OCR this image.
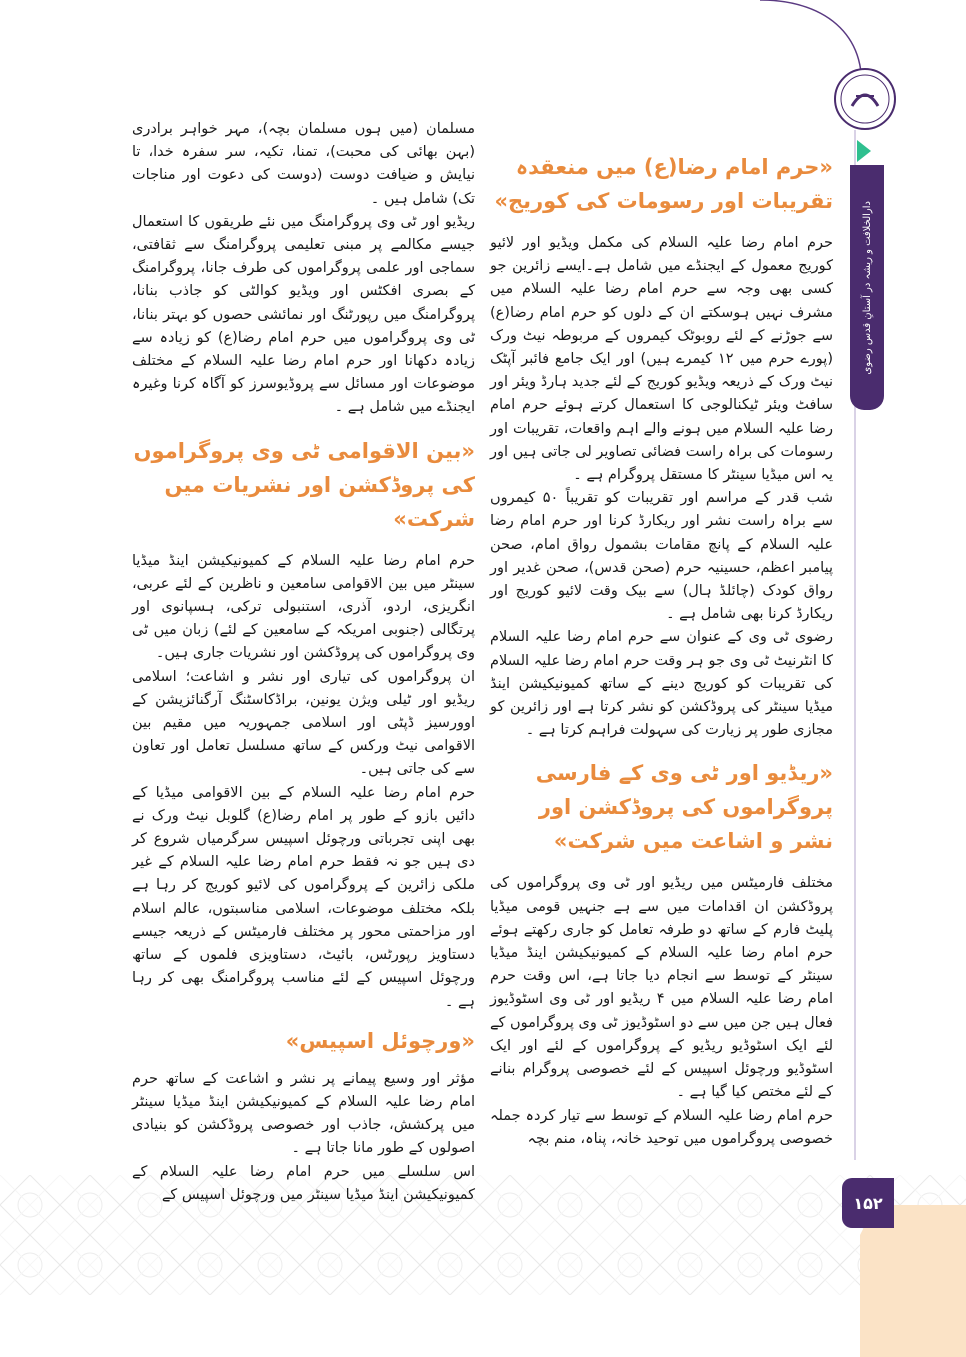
دارالخلافت و ریشہ در آستانِ قدس رضوی
۱۵۲
«حرم امام رضا(ع) میں منعقدہ تقریبات اور رسومات کی کوریج»

حرم امام رضا علیہ السلام کی مکمل ویڈیو اور لائیو کوریج معمول کے ایجنڈے میں شامل ہے۔ایسے زائرین جو کسی بھی وجہ سے حرم امام رضا علیہ السلام میں مشرف نہیں ہوسکتے ان کے دلوں کو حرم امام رضا(ع) سے جوڑنے کے لئے روبوٹک کیمروں کے مربوطہ نیٹ ورک (پورے حرم میں ۱۲ کیمرے ہیں) اور ایک جامع فائبر آپٹک نیٹ ورک کے ذریعہ ویڈیو کوریج کے لئے جدید ہارڈ ویئر اور سافٹ ویئر ٹیکنالوجی کا استعمال کرتے ہوئے حرم امام رضا علیہ السلام میں ہونے والے اہم واقعات، تقریبات اور رسومات کی براہ راست فضائی تصاویر لی جاتی ہیں اور یہ اس میڈیا سینٹر کا مستقل پروگرام ہے ۔

شب قدر کے مراسم اور تقریبات کو تقریباً ۵۰ کیمروں سے براہ راست نشر اور ریکارڈ کرنا اور حرم امام رضا علیہ السلام کے پانچ مقامات بشمول رواق امام، صحن پیامبر اعظم، حسینیہ حرم (صحن قدس)، صحن غدیر اور رواق کودک (چائلڈ ہال) سے بیک وقت لائیو کوریج اور ریکارڈ کرنا بھی شامل ہے ۔

رضوی ٹی وی کے عنوان سے حرم امام رضا علیہ السلام کا انٹرنیٹ ٹی وی جو ہر وقت حرم امام رضا علیہ السلام کی تقریبات کو کوریج دینے کے ساتھ کمیونیکیشن اینڈ میڈیا سینٹر کی پروڈکشن کو نشر کرتا ہے اور زائرین کو مجازی طور پر زیارت کی سہولت فراہم کرتا ہے ۔

«ریڈیو اور ٹی وی کے فارسی پروگراموں کی پروڈکشن اور نشر و اشاعت میں شرکت»

مختلف فارمیٹس میں ریڈیو اور ٹی وی پروگراموں کی پروڈکشن ان اقدامات میں سے ہے جنہیں قومی میڈیا پلیٹ فارم کے ساتھ دو طرفہ تعامل کو جاری رکھتے ہوئے حرم امام رضا علیہ السلام کے کمیونیکیشن اینڈ میڈیا سینٹر کے توسط سے انجام دیا جاتا ہے، اس وقت حرم امام رضا علیہ السلام میں ۴ ریڈیو اور ٹی وی اسٹوڈیوز فعال ہیں جن میں سے دو اسٹوڈیوز ٹی وی پروگراموں کے لئے ایک اسٹوڈیو ریڈیو کے پروگراموں کے لئے اور ایک اسٹوڈیو ورچوئل اسپیس کے لئے خصوصی پروگرام بنانے کے لئے مختص کیا گیا ہے ۔

حرم امام رضا علیہ السلام کے توسط سے تیار کردہ جملہ خصوصی پروگراموں میں توحید خانہ، پناہ، منم بچہ

مسلمان (میں ہوں مسلمان بچہ)، مہر خواہر برادری (بہن بھائی کی محبت)، تمنا، تکیہ، سر سفرہ خدا، تا نیایش و ضیافت دوست (دوست کی دعوت اور مناجات تک) شامل ہیں ۔

ریڈیو اور ٹی وی پروگرامنگ میں نئے طریقوں کا استعمال جیسے مکالمے پر مبنی تعلیمی پروگرامنگ سے ثقافتی، سماجی اور علمی پروگراموں کی طرف جانا، پروگرامنگ کے بصری افکٹس اور ویڈیو کوالٹی کو جاذب بنانا، پروگرامنگ میں رپورٹنگ اور نمائشی حصوں کو بہتر بنانا، ٹی وی پروگراموں میں حرم امام رضا(ع) کو زیادہ سے زیادہ دکھانا اور حرم امام رضا علیہ السلام کے مختلف موضوعات اور مسائل سے پروڈیوسرز کو آگاہ کرنا وغیرہ ایجنڈے میں شامل ہے ۔

«بین الاقوامی ٹی وی پروگراموں کی پروڈکشن اور نشریات میں شرکت»

حرم امام رضا علیہ السلام کے کمیونیکیشن اینڈ میڈیا سینٹر میں بین الاقوامی سامعین و ناظرین کے لئے عربی، انگریزی، اردو، آذری، استنبولی ترکی، ہسپانوی اور پرتگالی (جنوبی امریکہ کے سامعین کے لئے) زبان میں ٹی وی پروگراموں کی پروڈکشن اور نشریات جاری ہیں۔

ان پروگراموں کی تیاری اور نشر و اشاعت؛ اسلامی ریڈیو اور ٹیلی ویژن یونین، براڈکاسٹنگ آرگنائزیشن کے اوورسیز ڈپٹی اور اسلامی جمہوریہ میں مقیم بین الاقوامی نیٹ ورکس کے ساتھ مسلسل تعامل اور تعاون سے کی جاتی ہیں۔

حرم امام رضا علیہ السلام کے بین الاقوامی میڈیا کے دائیں بازو کے طور پر امام رضا(ع) گلوبل نیٹ ورک نے بھی اپنی تجرباتی ورچوئل اسپیس سرگرمیاں شروع کر دی ہیں جو نہ فقط حرم امام رضا علیہ السلام کے غیر ملکی زائرین کے پروگراموں کی لائیو کوریج کر رہا ہے بلکہ مختلف موضوعات، اسلامی مناسبتوں، عالم اسلام اور مزاحمتی محور پر مختلف فارمیٹس کے ذریعہ جیسے دستاویز رپورٹس، بائیٹ، دستاویزی فلموں کے ساتھ ورچوئل اسپیس کے لئے مناسب پروگرامنگ بھی کر رہا ہے ۔

«ورچوئل اسپیس»

مؤثر اور وسیع پیمانے پر نشر و اشاعت کے ساتھ حرم امام رضا علیہ السلام کے کمیونیکیشن اینڈ میڈیا سینٹر میں پرکشش، جاذب اور خصوصی پروڈکشن کو بنیادی اصولوں کے طور مانا جاتا ہے ۔

اس سلسلے میں حرم امام رضا علیہ السلام کے کمیونیکیشن اینڈ میڈیا سینٹر میں ورچوئل اسپیس کے
